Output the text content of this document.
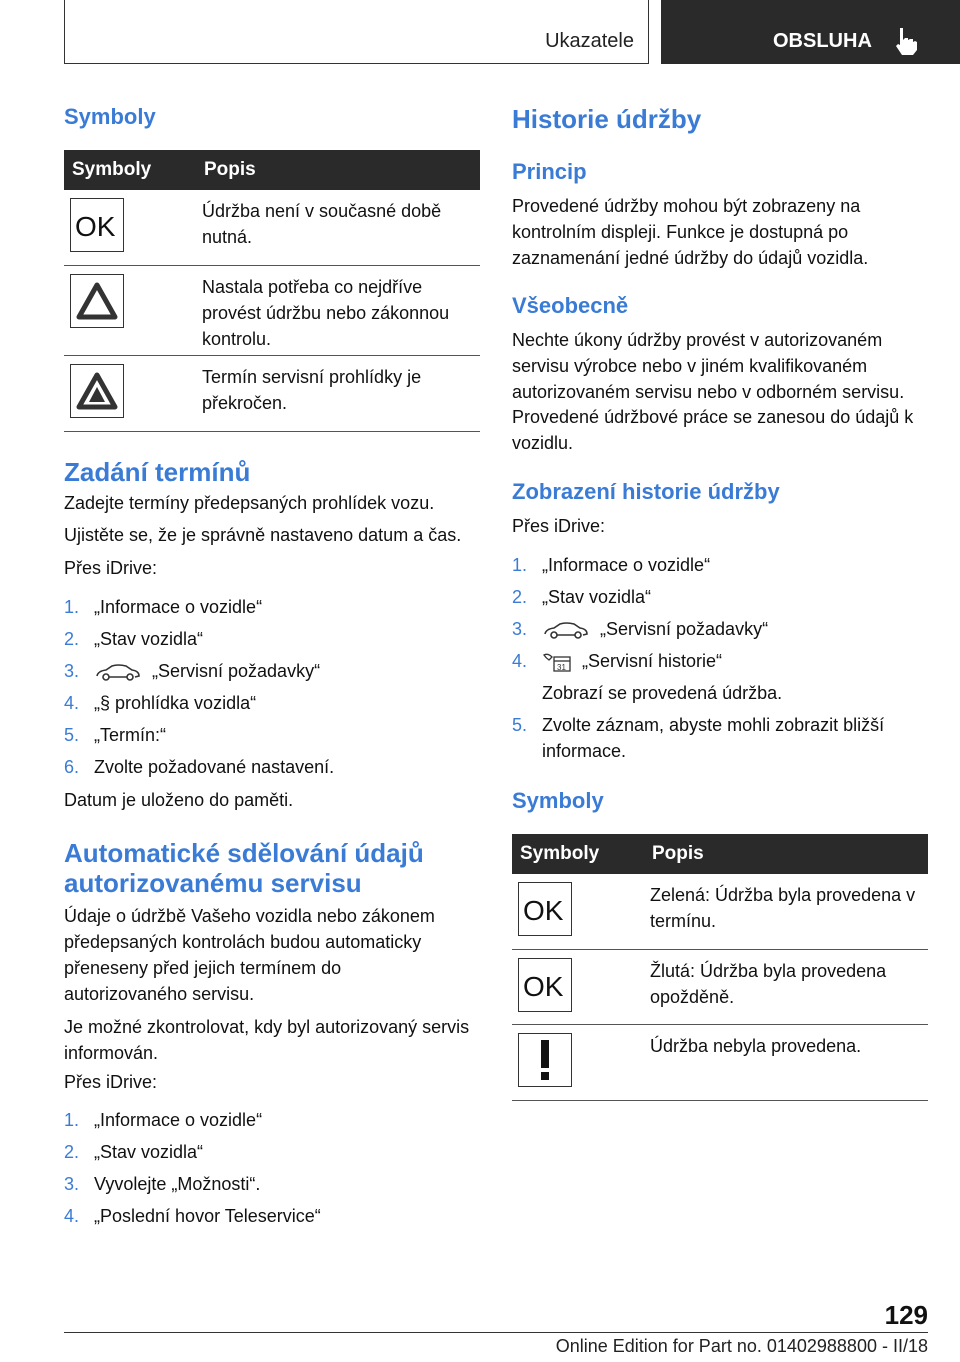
Ukazatele	OBSLUHA
Symboly
Symboly	Popis

OK	Údržba není v současné době nutná.

	Nastala potřeba co nejdříve provést údržbu nebo zákonnou kontrolu.

	Termín servisní prohlídky je překročen.
Zadání termínů

Zadejte termíny předepsaných prohlídek vozu.

Ujistěte se, že je správně nastaveno datum a čas.

Přes iDrive:

1. „Informace o vozidle“
2. „Stav vozidla“
3.	„Servisní požadavky“
4. „§ prohlídka vozidla“
5. „Termín:“
6. Zvolte požadované nastavení.

Datum je uloženo do paměti.

Automatické sdělování údajů
autorizovanému servisu

Údaje o údržbě Vašeho vozidla nebo zákonem předepsaných kontrolách budou automaticky přeneseny před jejich termínem do autorizovaného servisu.

Je možné zkontrolovat, kdy byl autorizovaný servis informován.

Přes iDrive:

1. „Informace o vozidle“
2. „Stav vozidla“
3. Vyvolejte „Možnosti“.
4. „Poslední hovor Teleservice“
Historie údržby
Princip

Provedené údržby mohou být zobrazeny na kontrolním displeji. Funkce je dostupná po zaznamenání jedné údržby do údajů vozidla.

Všeobecně

Nechte úkony údržby provést v autorizovaném servisu výrobce nebo v jiném kvalifikovaném autorizovaném servisu nebo v odborném servisu.

Provedené údržbové práce se zanesou do údajů k vozidlu.

Zobrazení historie údržby

Přes iDrive:

1. „Informace o vozidle“
2. „Stav vozidla“
3.	„Servisní požadavky“
4.	31 „Servisní historie“
Zobrazí se provedená údržba.
5. Zvolte záznam, abyste mohli zobrazit bližší informace.
Symboly
Symboly	Popis

OK	Zelená: Údržba byla provedena v termínu.

OK	Žlutá: Údržba byla provedena opožděně.

	Údržba nebyla provedena.
129
Online Edition for Part no. 01402988800 - II/18
